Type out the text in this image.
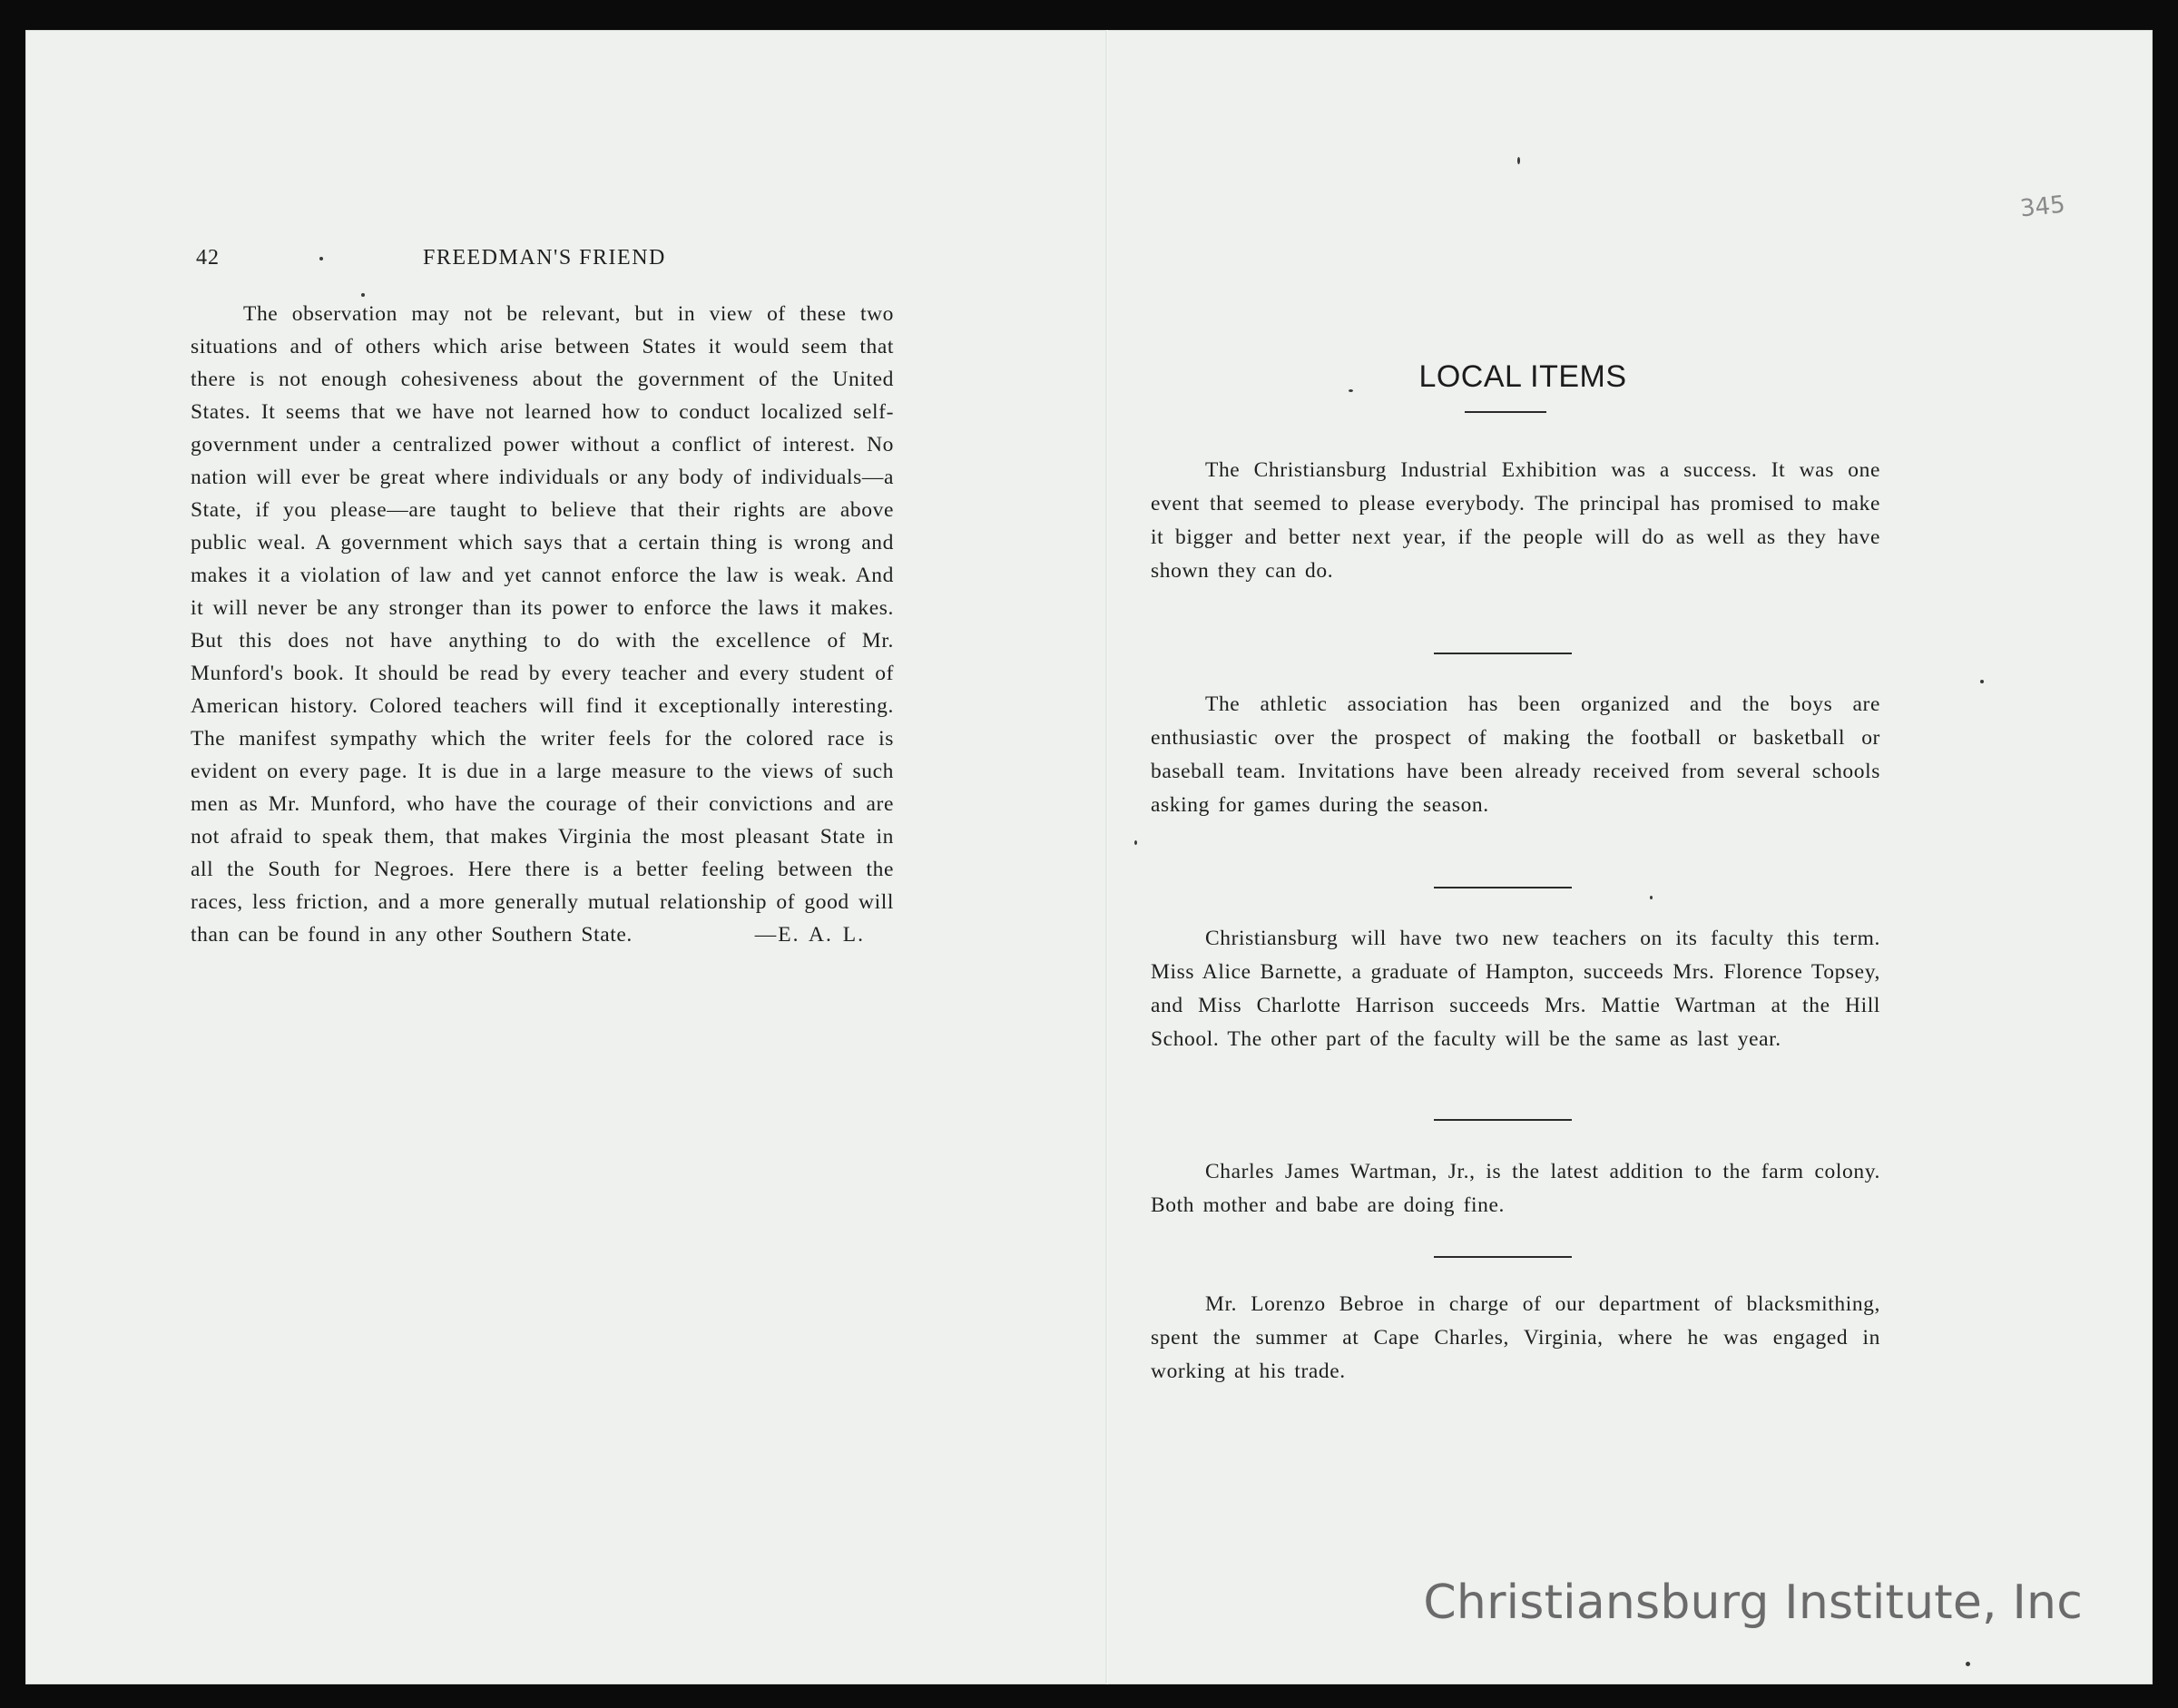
42	FREEDMAN'S FRIEND

The observation may not be relevant, but in view of these two situations and of others which arise between States it would seem that there is not enough cohesiveness about the government of the United States. It seems that we have not learned how to conduct localized self-government under a centralized power without a conflict of interest. No nation will ever be great where individuals or any body of individuals—a State, if you please—are taught to believe that their rights are above public weal. A government which says that a certain thing is wrong and makes it a violation of law and yet cannot enforce the law is weak. And it will never be any stronger than its power to enforce the laws it makes. But this does not have anything to do with the excellence of Mr. Munford's book. It should be read by every teacher and every student of American history. Colored teachers will find it exceptionally interesting. The manifest sympathy which the writer feels for the colored race is evident on every page. It is due in a large measure to the views of such men as Mr. Munford, who have the courage of their convictions and are not afraid to speak them, that makes Virginia the most pleasant State in all the South for Negroes. Here there is a better feeling between the races, less friction, and a more generally mutual relationship of good will than can be found in any other Southern State.	—E. A. L.

345
LOCAL ITEMS

The Christiansburg Industrial Exhibition was a success. It was one event that seemed to please everybody. The principal has promised to make it bigger and better next year, if the people will do as well as they have shown they can do.

The athletic association has been organized and the boys are enthusiastic over the prospect of making the football or basketball or baseball team. Invitations have been already received from several schools asking for games during the season.

Christiansburg will have two new teachers on its faculty this term. Miss Alice Barnette, a graduate of Hampton, succeeds Mrs. Florence Topsey, and Miss Charlotte Harrison succeeds Mrs. Mattie Wartman at the Hill School. The other part of the faculty will be the same as last year.

Charles James Wartman, Jr., is the latest addition to the farm colony. Both mother and babe are doing fine.

Mr. Lorenzo Bebroe in charge of our department of blacksmithing, spent the summer at Cape Charles, Virginia, where he was engaged in working at his trade.

Christiansburg Institute, Inc
